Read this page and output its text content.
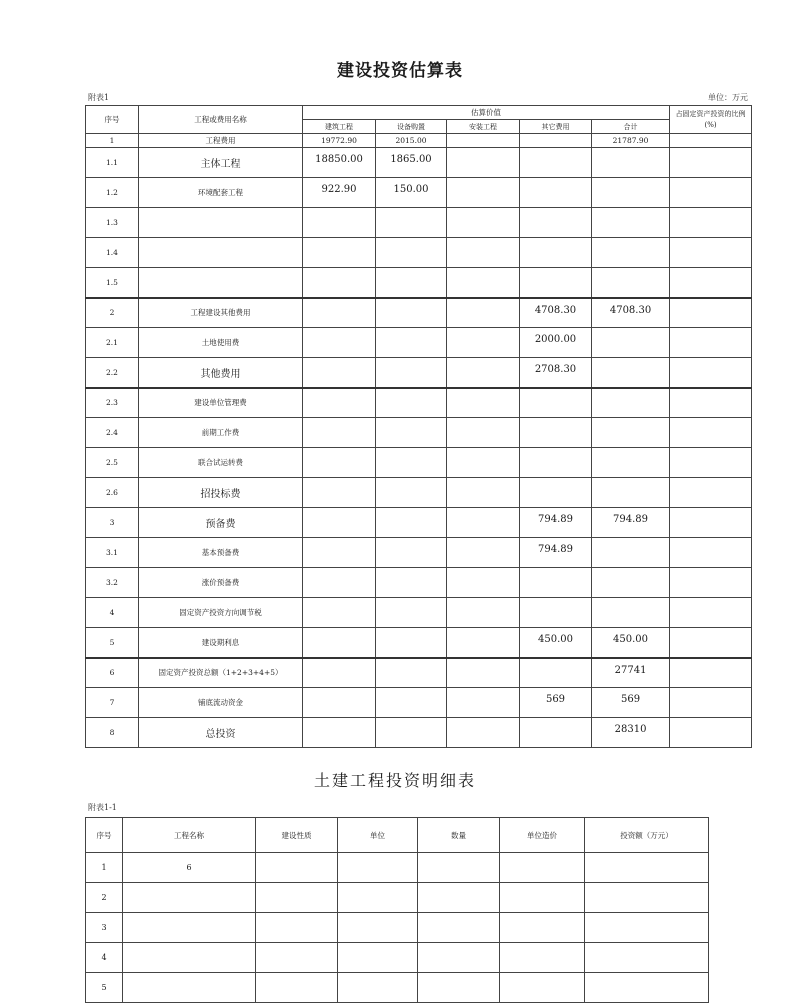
建设投资估算表
附表1	单位：万元
序号	工程或费用名称	估算价值					占固定资产投资的比例(%)
		建筑工程	设备购置	安装工程	其它费用	合计	
1	工程费用	19772.90	2015.00			21787.90	
1.1	主体工程	18850.00	1865.00				
1.2	环境配套工程	922.90	150.00				
1.3							
1.4							
1.5							
2	工程建设其他费用				4708.30	4708.30	
2.1	土地使用费				2000.00		
2.2	其他费用				2708.30		
2.3	建设单位管理费						
2.4	前期工作费						
2.5	联合试运转费						
2.6	招投标费						
3	预备费				794.89	794.89	
3.1	基本预备费				794.89		
3.2	涨价预备费						
4	固定资产投资方向调节税						
5	建设期利息				450.00	450.00	
6	固定资产投资总额（1+2+3+4+5）					27741	
7	铺底流动资金				569	569	
8	总投资					28310	
土建工程投资明细表
附表1-1
序号	工程名称	建设性质	单位	数量	单位造价	投资额（万元）
1	6					
2						
3						
4						
5						
